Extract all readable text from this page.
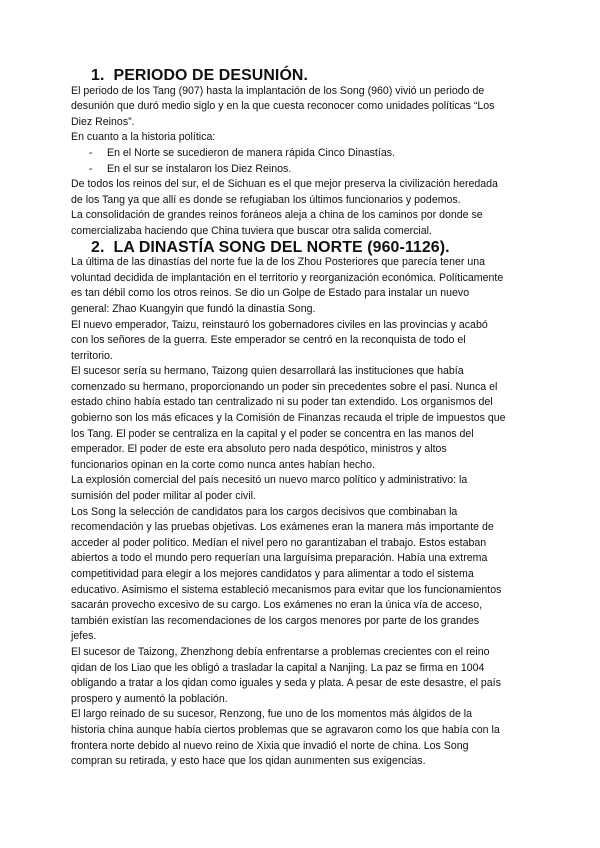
1. PERIODO DE DESUNIÓN.

El periodo de los Tang (907) hasta la implantación de los Song (960) vivió un periodo de
desunión que duró medio siglo y en la que cuesta reconocer como unidades políticas “Los
Diez Reinos”.

En cuanto a la historia política:

- En el Norte se sucedieron de manera rápida Cinco Dinastías.
- En el sur se instalaron los Diez Reinos.

De todos los reinos del sur, el de Sichuan es el que mejor preserva la civilización heredada
de los Tang ya que allí es donde se refugiaban los últimos funcionarios y podemos.

La consolidación de grandes reinos foráneos aleja a china de los caminos por donde se
comercializaba haciendo que China tuviera que buscar otra salida comercial.

2. LA DINASTÍA SONG DEL NORTE (960-1126).

La última de las dinastías del norte fue la de los Zhou Posteriores que parecía tener una
voluntad decidida de implantación en el territorio y reorganización económica. Políticamente
es tan débil como los otros reinos. Se dio un Golpe de Estado para instalar un nuevo
general: Zhao Kuangyin que fundó la dinastía Song.

El nuevo emperador, Taizu, reinstauró los gobernadores civiles en las provincias y acabó
con los señores de la guerra. Este emperador se centró en la reconquista de todo el
territorio.

El sucesor sería su hermano, Taizong quien desarrollará las instituciones que había
comenzado su hermano, proporcionando un poder sin precedentes sobre el pasi. Nunca el
estado chino había estado tan centralizado ni su poder tan extendido. Los organismos del
gobierno son los más eficaces y la Comisión de Finanzas recauda el triple de impuestos que
los Tang. El poder se centraliza en la capital y el poder se concentra en las manos del
emperador. El poder de este era absoluto pero nada despótico, ministros y altos
funcionarios opinan en la corte como nunca antes habían hecho.

La explosión comercial del país necesitó un nuevo marco político y administrativo: la
sumisión del poder militar al poder civil.

Los Song la selección de candidatos para los cargos decisivos que combinaban la
recomendación y las pruebas objetivas. Los exámenes eran la manera más importante de
acceder al poder político. Medían el nivel pero no garantizaban el trabajo. Estos estaban
abiertos a todo el mundo pero requerían una larguísima preparación. Había una extrema
competitividad para elegir a los mejores candidatos y para alimentar a todo el sistema
educativo. Asimismo el sistema estableció mecanismos para evitar que los funcionamientos
sacarán provecho excesivo de su cargo. Los exámenes no eran la única vía de acceso,
también existían las recomendaciones de los cargos menores por parte de los grandes
jefes.

El sucesor de Taizong, Zhenzhong debía enfrentarse a problemas crecientes con el reino
qidan de los Liao que les obligó a trasladar la capital a Nanjing. La paz se firma en 1004
obligando a tratar a los qidan como iguales y seda y plata. A pesar de este desastre, el país
prospero y aumentó la población.

El largo reinado de su sucesor, Renzong, fue uno de los momentos más álgidos de la
historia china aunque había ciertos problemas que se agravaron como los que había con la
frontera norte debido al nuevo reino de Xixia que invadió el norte de china. Los Song
compran su retirada, y esto hace que los qidan aunımenten sus exigencias.
